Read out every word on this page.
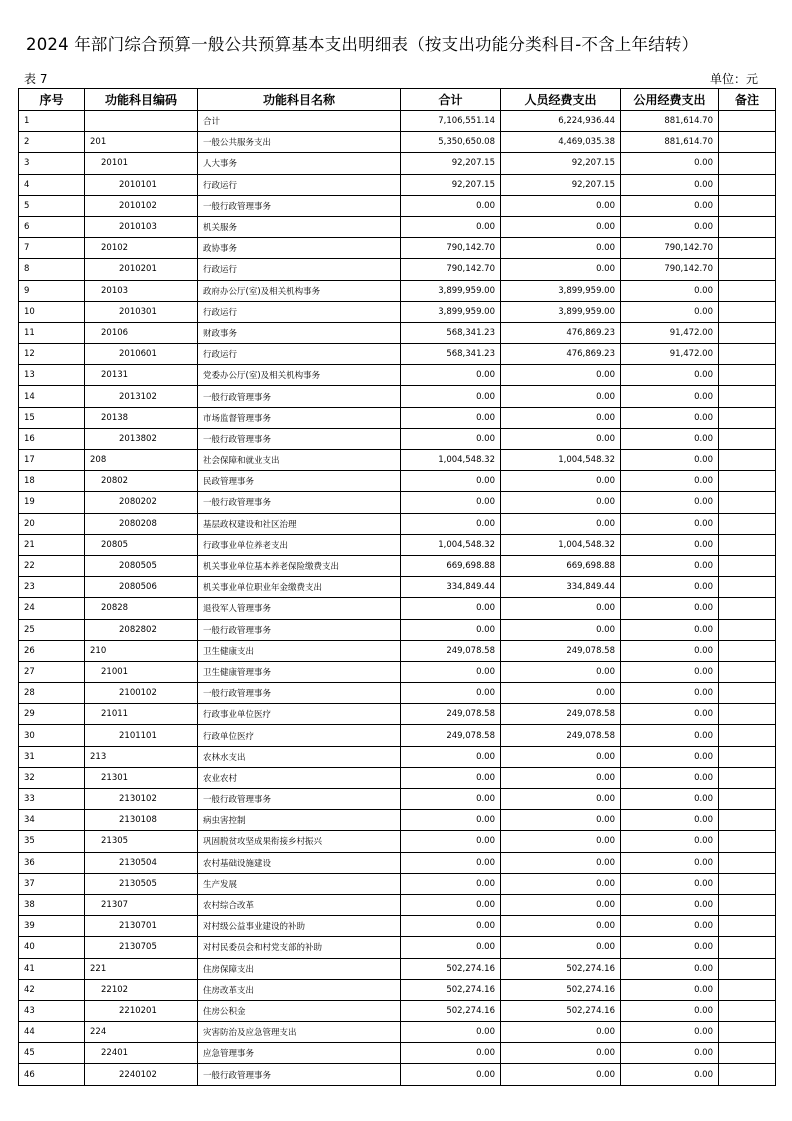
2024 年部门综合预算一般公共预算基本支出明细表（按支出功能分类科目-不含上年结转）
表 7	单位：元
序号	功能科目编码	功能科目名称	合计	人员经费支出	公用经费支出	备注
1		合计	7,106,551.14	6,224,936.44	881,614.70	
2	201	一般公共服务支出	5,350,650.08	4,469,035.38	881,614.70	
3	20101	人大事务	92,207.15	92,207.15	0.00	
4	2010101	行政运行	92,207.15	92,207.15	0.00	
5	2010102	一般行政管理事务	0.00	0.00	0.00	
6	2010103	机关服务	0.00	0.00	0.00	
7	20102	政协事务	790,142.70	0.00	790,142.70	
8	2010201	行政运行	790,142.70	0.00	790,142.70	
9	20103	政府办公厅(室)及相关机构事务	3,899,959.00	3,899,959.00	0.00	
10	2010301	行政运行	3,899,959.00	3,899,959.00	0.00	
11	20106	财政事务	568,341.23	476,869.23	91,472.00	
12	2010601	行政运行	568,341.23	476,869.23	91,472.00	
13	20131	党委办公厅(室)及相关机构事务	0.00	0.00	0.00	
14	2013102	一般行政管理事务	0.00	0.00	0.00	
15	20138	市场监督管理事务	0.00	0.00	0.00	
16	2013802	一般行政管理事务	0.00	0.00	0.00	
17	208	社会保障和就业支出	1,004,548.32	1,004,548.32	0.00	
18	20802	民政管理事务	0.00	0.00	0.00	
19	2080202	一般行政管理事务	0.00	0.00	0.00	
20	2080208	基层政权建设和社区治理	0.00	0.00	0.00	
21	20805	行政事业单位养老支出	1,004,548.32	1,004,548.32	0.00	
22	2080505	机关事业单位基本养老保险缴费支出	669,698.88	669,698.88	0.00	
23	2080506	机关事业单位职业年金缴费支出	334,849.44	334,849.44	0.00	
24	20828	退役军人管理事务	0.00	0.00	0.00	
25	2082802	一般行政管理事务	0.00	0.00	0.00	
26	210	卫生健康支出	249,078.58	249,078.58	0.00	
27	21001	卫生健康管理事务	0.00	0.00	0.00	
28	2100102	一般行政管理事务	0.00	0.00	0.00	
29	21011	行政事业单位医疗	249,078.58	249,078.58	0.00	
30	2101101	行政单位医疗	249,078.58	249,078.58	0.00	
31	213	农林水支出	0.00	0.00	0.00	
32	21301	农业农村	0.00	0.00	0.00	
33	2130102	一般行政管理事务	0.00	0.00	0.00	
34	2130108	病虫害控制	0.00	0.00	0.00	
35	21305	巩固脱贫攻坚成果衔接乡村振兴	0.00	0.00	0.00	
36	2130504	农村基础设施建设	0.00	0.00	0.00	
37	2130505	生产发展	0.00	0.00	0.00	
38	21307	农村综合改革	0.00	0.00	0.00	
39	2130701	对村级公益事业建设的补助	0.00	0.00	0.00	
40	2130705	对村民委员会和村党支部的补助	0.00	0.00	0.00	
41	221	住房保障支出	502,274.16	502,274.16	0.00	
42	22102	住房改革支出	502,274.16	502,274.16	0.00	
43	2210201	住房公积金	502,274.16	502,274.16	0.00	
44	224	灾害防治及应急管理支出	0.00	0.00	0.00	
45	22401	应急管理事务	0.00	0.00	0.00	
46	2240102	一般行政管理事务	0.00	0.00	0.00	
